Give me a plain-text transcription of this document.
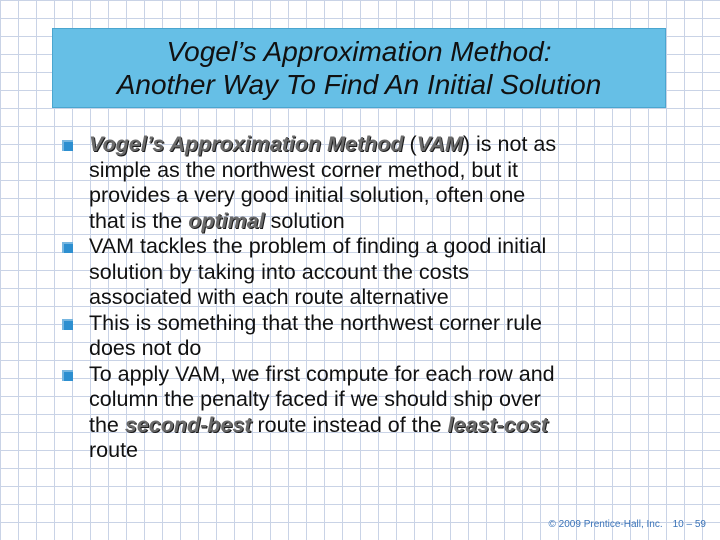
Vogel’s Approximation Method:
Another Way To Find An Initial Solution
Vogel’s Approximation Method (VAM) is not as
simple as the northwest corner method, but it
provides a very good initial solution, often one
that is the optimal solution
VAM tackles the problem of finding a good initial
solution by taking into account the costs
associated with each route alternative
This is something that the northwest corner rule
does not do
To apply VAM, we first compute for each row and
column the penalty faced if we should ship over
the second-best route instead of the least-cost
route
© 2009 Prentice-Hall, Inc. 10 – 59
